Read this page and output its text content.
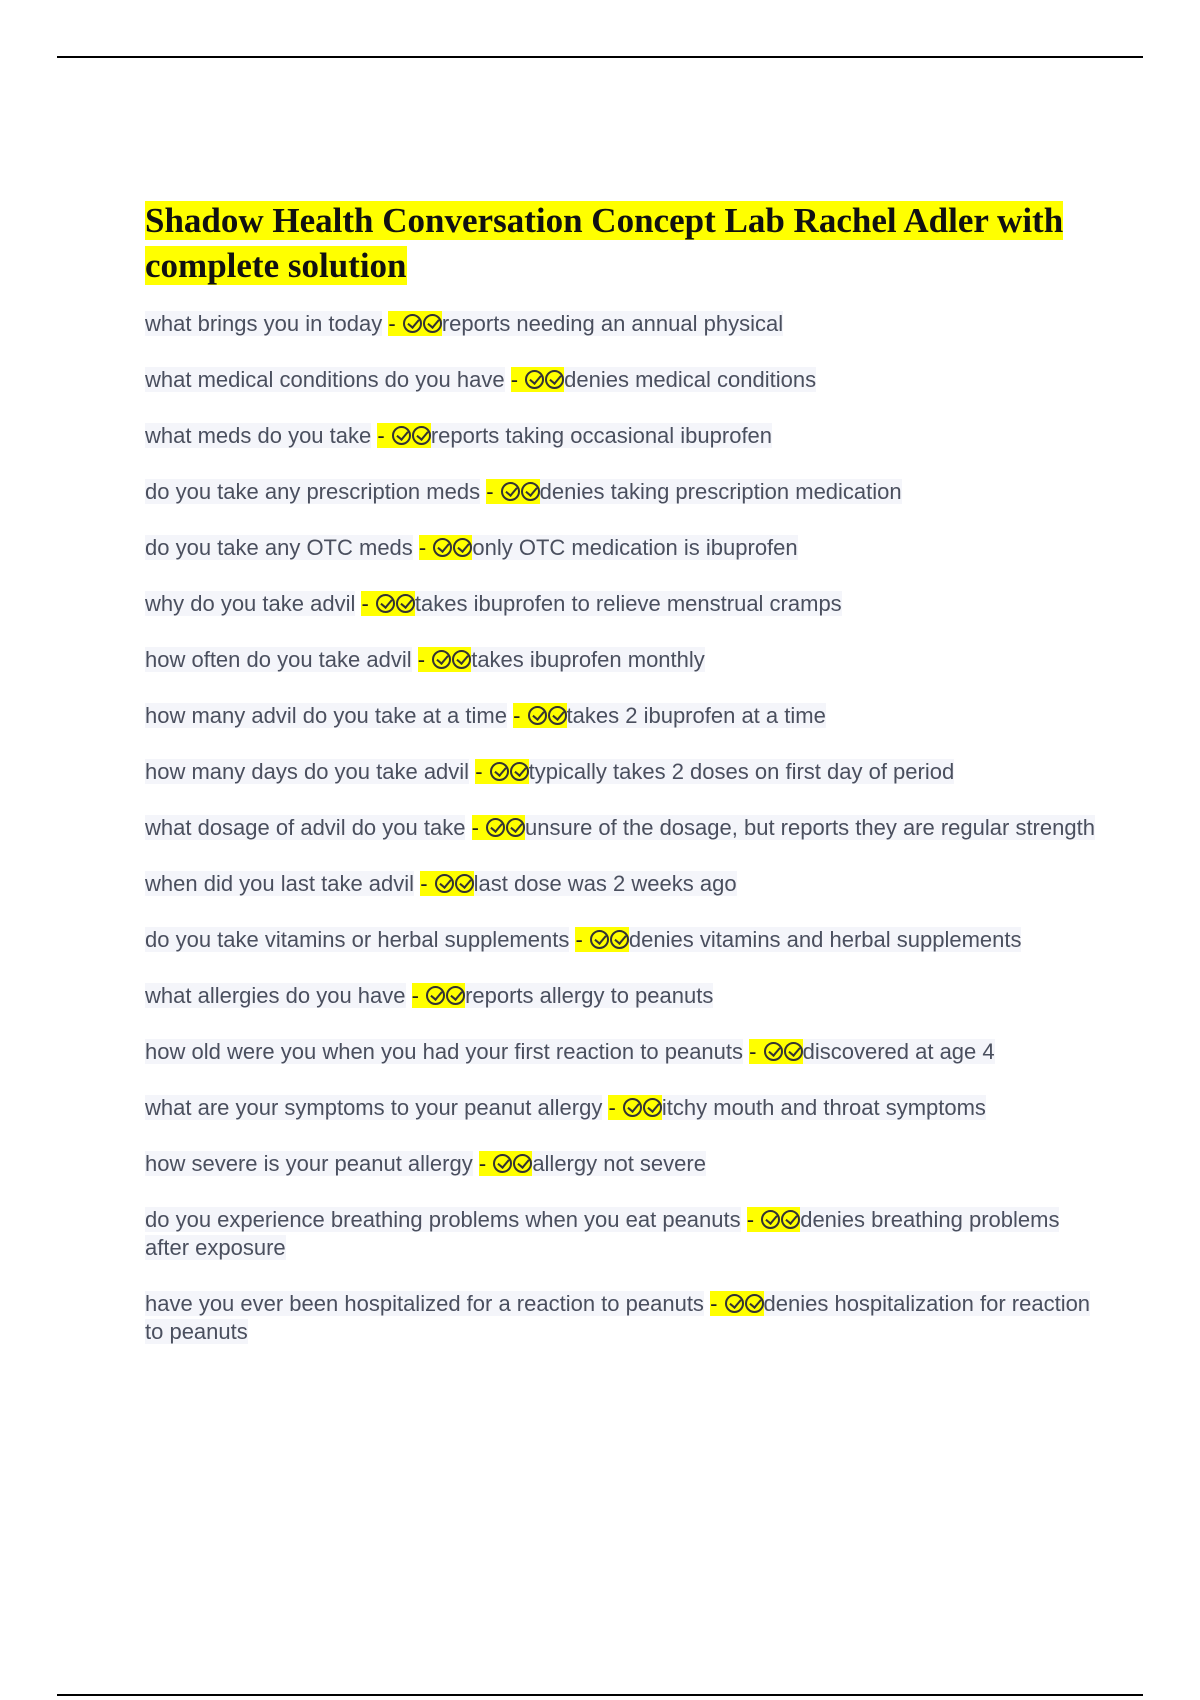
Shadow Health Conversation Concept Lab Rachel Adler with complete solution
what brings you in today - reports needing an annual physical
what medical conditions do you have - denies medical conditions
what meds do you take - reports taking occasional ibuprofen
do you take any prescription meds - denies taking prescription medication
do you take any OTC meds - only OTC medication is ibuprofen
why do you take advil - takes ibuprofen to relieve menstrual cramps
how often do you take advil - takes ibuprofen monthly
how many advil do you take at a time - takes 2 ibuprofen at a time
how many days do you take advil - typically takes 2 doses on first day of period
what dosage of advil do you take - unsure of the dosage, but reports they are regular strength
when did you last take advil - last dose was 2 weeks ago
do you take vitamins or herbal supplements - denies vitamins and herbal supplements
what allergies do you have - reports allergy to peanuts
how old were you when you had your first reaction to peanuts - discovered at age 4
what are your symptoms to your peanut allergy - itchy mouth and throat symptoms
how severe is your peanut allergy - allergy not severe
do you experience breathing problems when you eat peanuts - denies breathing problems after exposure
have you ever been hospitalized for a reaction to peanuts - denies hospitalization for reaction to peanuts
